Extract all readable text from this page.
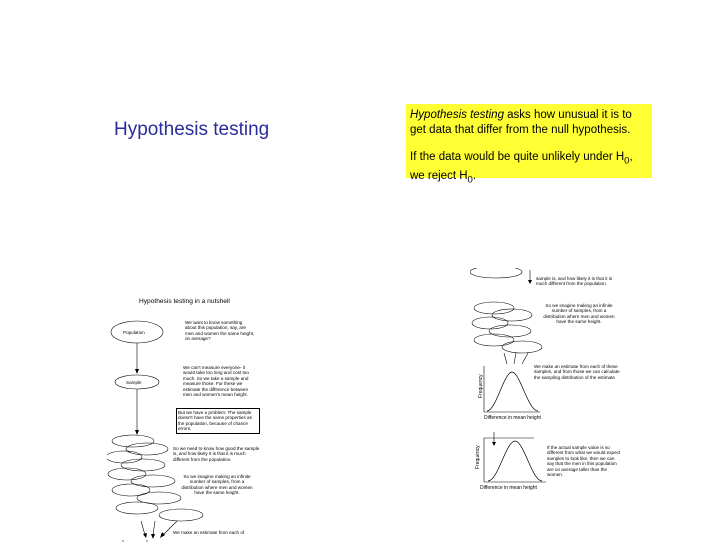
Hypothesis testing

Hypothesis testing asks how unusual it is to get data that differ from the null hypothesis.

If the data would be quite unlikely under $H_0$,
we reject $H_0$.

Hypothesis testing in a nutshell
Population
Sample
We want to know something about this population, say, are men and women the same height, on average?
We can't measure everyone- it would take too long and cost too much. So we take a sample and measure those. For these we estimate the difference between men and women's mean height.
But we have a problem: The sample doesn't have the same properties as the population, because of chance errors.
So we need to know how good the sample is, and how likely it is that it is much different from the population.
So we imagine making an infinite number of samples, from a distribution where men and women have the same height.
We make an estimate from each of
Frequency
Difference in mean height
Frequency
Difference in mean height
sample is, and how likely it is that it is much different from the population.
So we imagine making an infinite number of samples, from a distribution where men and women have the same height.
We make an estimate from each of these samples, and from those we can calculate the sampling distribution of the estimate
If the actual sample value is so different from what we would expect samples to look like, then we can say that the men in this population are on average taller than the women.
